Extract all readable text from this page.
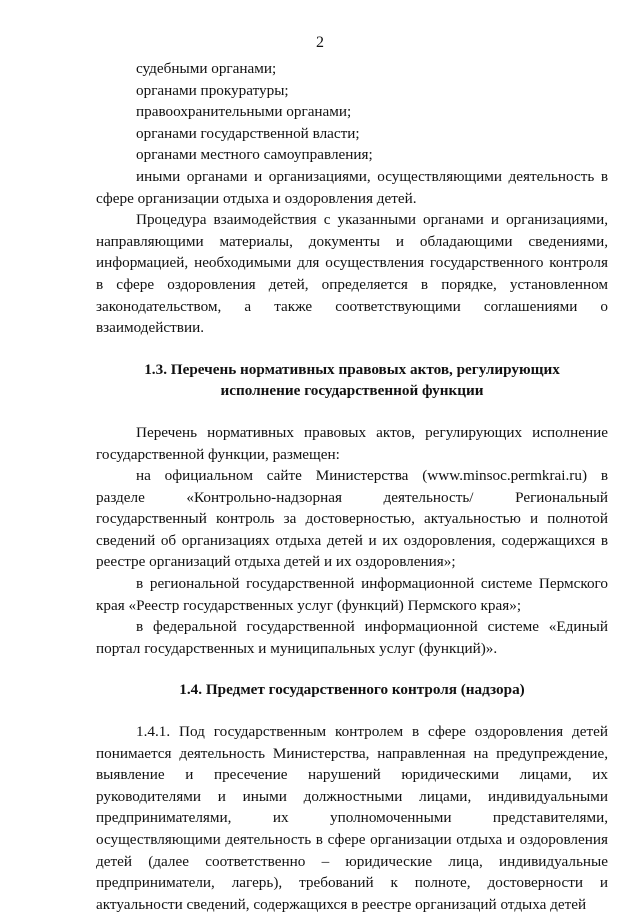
2

судебными органами;

органами прокуратуры;

правоохранительными органами;

органами государственной власти;

органами местного самоуправления;

иными органами и организациями, осуществляющими деятельность в сфере организации отдыха и оздоровления детей.

Процедура взаимодействия с указанными органами и организациями, направляющими материалы, документы и обладающими сведениями, информацией, необходимыми для осуществления государственного контроля в сфере оздоровления детей, определяется в порядке, установленном законодательством, а также соответствующими соглашениями о взаимодействии.

1.3. Перечень нормативных правовых актов, регулирующих
исполнение государственной функции

Перечень нормативных правовых актов, регулирующих исполнение государственной функции, размещен:

на официальном сайте Министерства (www.minsoc.permkrai.ru) в разделе «Контрольно-надзорная деятельность/ Региональный государственный контроль за достоверностью, актуальностью и полнотой сведений об организациях отдыха детей и их оздоровления, содержащихся в реестре организаций отдыха детей и их оздоровления»;

в региональной государственной информационной системе Пермского края «Реестр государственных услуг (функций) Пермского края»;

в федеральной государственной информационной системе «Единый портал государственных и муниципальных услуг (функций)».

1.4. Предмет государственного контроля (надзора)

1.4.1. Под государственным контролем в сфере оздоровления детей понимается деятельность Министерства, направленная на предупреждение, выявление и пресечение нарушений юридическими лицами, их руководителями и иными должностными лицами, индивидуальными предпринимателями, их уполномоченными представителями, осуществляющими деятельность в сфере организации отдыха и оздоровления детей (далее соответственно – юридические лица, индивидуальные предприниматели, лагерь), требований к полноте, достоверности и актуальности сведений, содержащихся в реестре организаций отдыха детей
